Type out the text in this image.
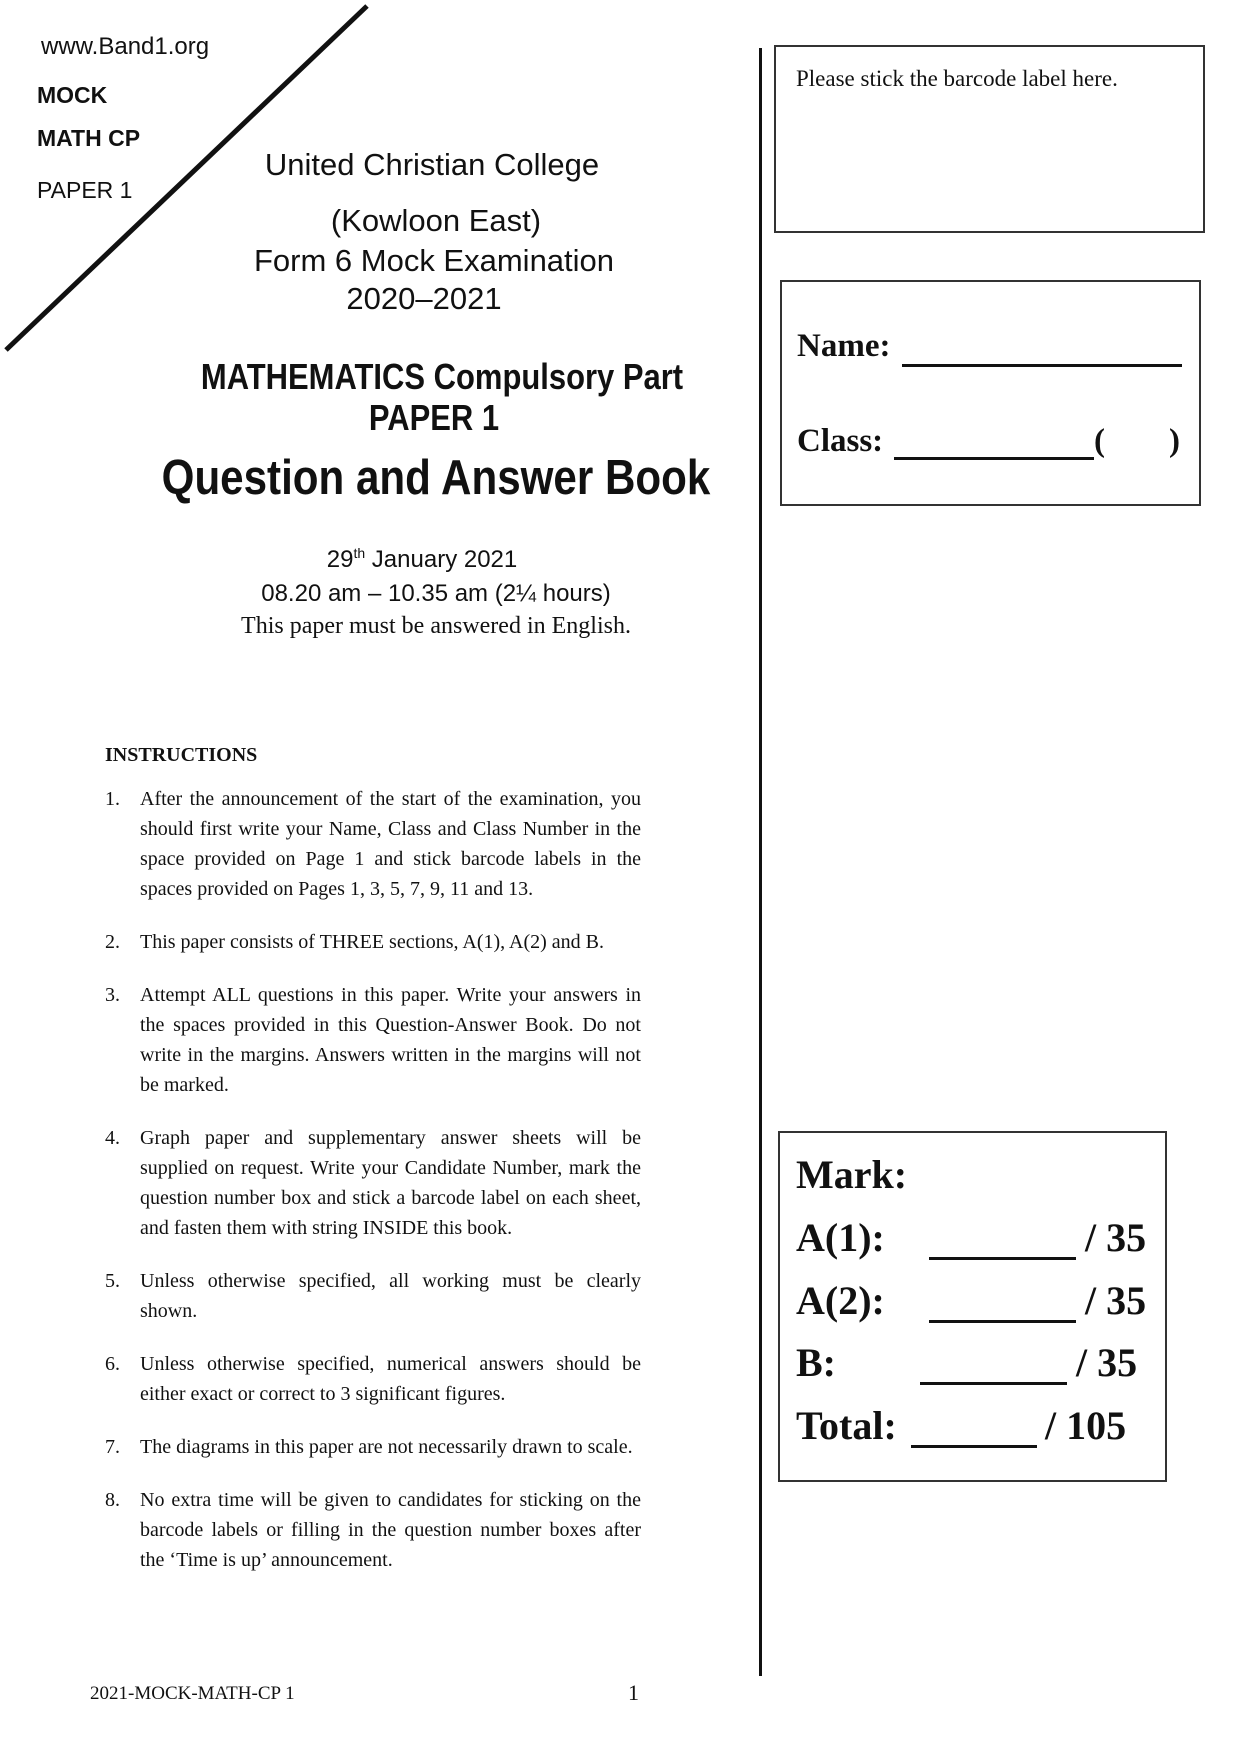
www.Band1.org
MOCK
MATH CP
PAPER 1
United Christian College
(Kowloon East)
Form 6 Mock Examination
2020–2021
MATHEMATICS Compulsory Part
PAPER 1
Question and Answer Book
29th January 2021
08.20 am – 10.35 am (2¼ hours)
This paper must be answered in English.
Please stick the barcode label here.
Name:
Class:	( )
INSTRUCTIONS
1.	After the announcement of the start of the examination, you should first write your Name, Class and Class Number in the space provided on Page 1 and stick barcode labels in the spaces provided on Pages 1, 3, 5, 7, 9, 11 and 13.
2.	This paper consists of THREE sections, A(1), A(2) and B.
3.	Attempt ALL questions in this paper. Write your answers in the spaces provided in this Question-Answer Book. Do not write in the margins. Answers written in the margins will not be marked.
4.	Graph paper and supplementary answer sheets will be supplied on request. Write your Candidate Number, mark the question number box and stick a barcode label on each sheet, and fasten them with string INSIDE this book.
5.	Unless otherwise specified, all working must be clearly shown.
6.	Unless otherwise specified, numerical answers should be either exact or correct to 3 significant figures.
7.	The diagrams in this paper are not necessarily drawn to scale.
8.	No extra time will be given to candidates for sticking on the barcode labels or filling in the question number boxes after the ‘Time is up’ announcement.
Mark:
A(1):	/ 35
A(2):	/ 35
B:	/ 35
Total:	/ 105
2021-MOCK-MATH-CP 1	1
